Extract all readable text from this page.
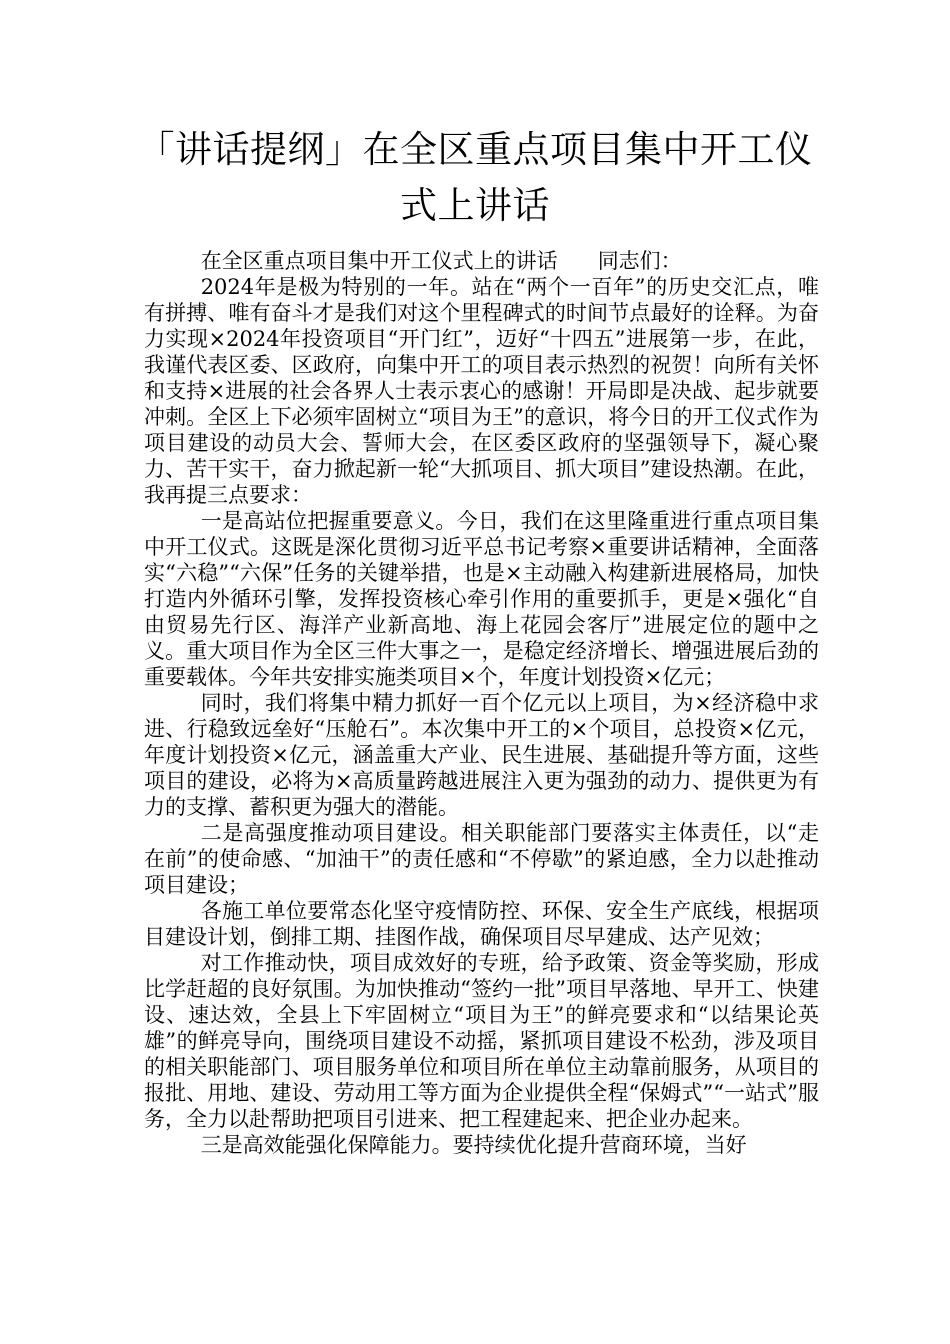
「讲话提纲」在全区重点项目集中开工仪
式上讲话

在全区重点项目集中开工仪式上的讲话 同志们：

2024年是极为特别的一年。站在“两个一百年”的历史交汇点，唯有拼搏、唯有奋斗才是我们对这个里程碑式的时间节点最好的诠释。为奋力实现×2024年投资项目“开门红”，迈好“十四五”进展第一步，在此，我谨代表区委、区政府，向集中开工的项目表示热烈的祝贺！向所有关怀和支持×进展的社会各界人士表示衷心的感谢！开局即是决战、起步就要冲刺。全区上下必须牢固树立“项目为王”的意识，将今日的开工仪式作为项目建设的动员大会、誓师大会，在区委区政府的坚强领导下，凝心聚力、苦干实干，奋力掀起新一轮“大抓项目、抓大项目”建设热潮。在此，我再提三点要求：

一是高站位把握重要意义。今日，我们在这里隆重进行重点项目集中开工仪式。这既是深化贯彻习近平总书记考察×重要讲话精神，全面落实“六稳”“六保”任务的关键举措，也是×主动融入构建新进展格局，加快打造内外循环引擎，发挥投资核心牵引作用的重要抓手，更是×强化“自由贸易先行区、海洋产业新高地、海上花园会客厅”进展定位的题中之义。重大项目作为全区三件大事之一，是稳定经济增长、增强进展后劲的重要载体。今年共安排实施类项目×个，年度计划投资×亿元；

同时，我们将集中精力抓好一百个亿元以上项目，为×经济稳中求进、行稳致远垒好“压舱石”。本次集中开工的×个项目，总投资×亿元，年度计划投资×亿元，涵盖重大产业、民生进展、基础提升等方面，这些项目的建设，必将为×高质量跨越进展注入更为强劲的动力、提供更为有力的支撑、蓄积更为强大的潜能。

二是高强度推动项目建设。相关职能部门要落实主体责任，以“走在前”的使命感、“加油干”的责任感和“不停歇”的紧迫感，全力以赴推动项目建设；

各施工单位要常态化坚守疫情防控、环保、安全生产底线，根据项目建设计划，倒排工期、挂图作战，确保项目尽早建成、达产见效；

对工作推动快，项目成效好的专班，给予政策、资金等奖励，形成比学赶超的良好氛围。为加快推动“签约一批”项目早落地、早开工、快建设、速达效，全县上下牢固树立“项目为王”的鲜亮要求和“以结果论英雄”的鲜亮导向，围绕项目建设不动摇，紧抓项目建设不松劲，涉及项目的相关职能部门、项目服务单位和项目所在单位主动靠前服务，从项目的报批、用地、建设、劳动用工等方面为企业提供全程“保姆式”“一站式”服务，全力以赴帮助把项目引进来、把工程建起来、把企业办起来。

三是高效能强化保障能力。要持续优化提升营商环境，当好
